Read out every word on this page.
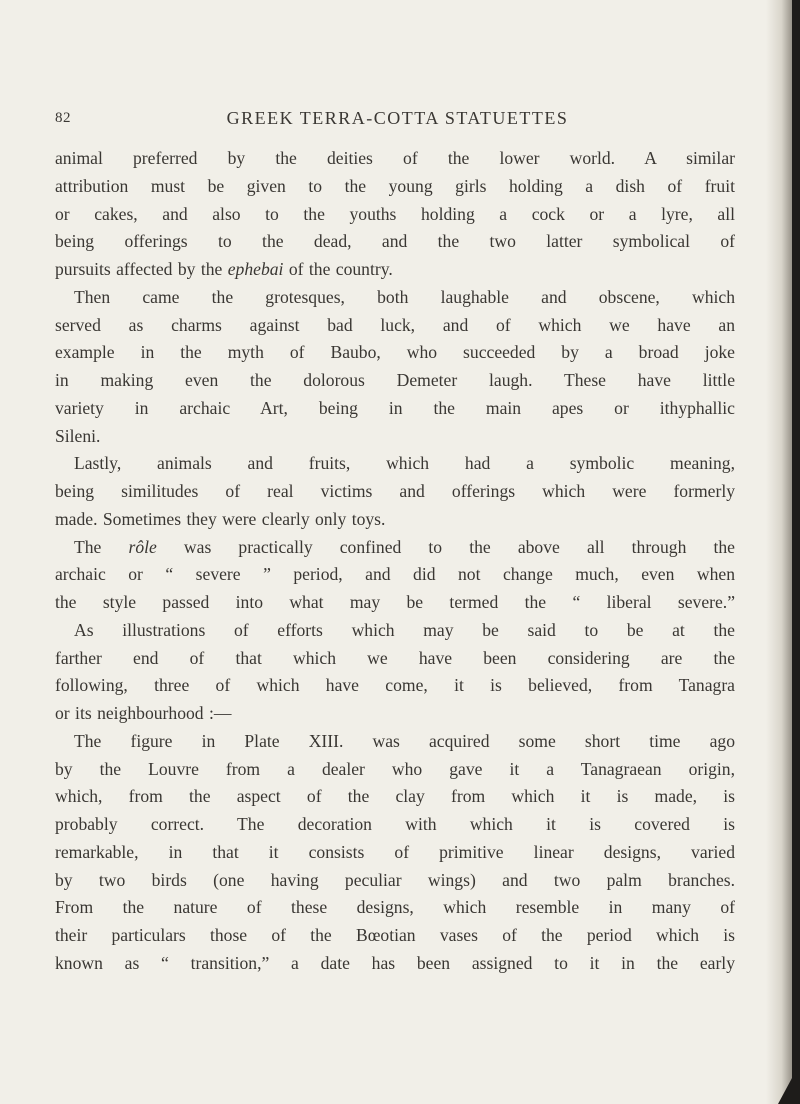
82	GREEK TERRA-COTTA STATUETTES
animal preferred by the deities of the lower world. A similar
attribution must be given to the young girls holding a dish of fruit
or cakes, and also to the youths holding a cock or a lyre, all
being offerings to the dead, and the two latter symbolical of
pursuits affected by the ephebai of the country.
Then came the grotesques, both laughable and obscene, which
served as charms against bad luck, and of which we have an
example in the myth of Baubo, who succeeded by a broad joke
in making even the dolorous Demeter laugh. These have little
variety in archaic Art, being in the main apes or ithyphallic
Sileni.
Lastly, animals and fruits, which had a symbolic meaning,
being similitudes of real victims and offerings which were formerly
made. Sometimes they were clearly only toys.
The rôle was practically confined to the above all through the
archaic or “ severe ” period, and did not change much, even when
the style passed into what may be termed the “ liberal severe.”
As illustrations of efforts which may be said to be at the
farther end of that which we have been considering are the
following, three of which have come, it is believed, from Tanagra
or its neighbourhood :—
The figure in Plate XIII. was acquired some short time ago
by the Louvre from a dealer who gave it a Tanagraean origin,
which, from the aspect of the clay from which it is made, is
probably correct. The decoration with which it is covered is
remarkable, in that it consists of primitive linear designs, varied
by two birds (one having peculiar wings) and two palm branches.
From the nature of these designs, which resemble in many of
their particulars those of the Bœotian vases of the period which is
known as “ transition,” a date has been assigned to it in the early
